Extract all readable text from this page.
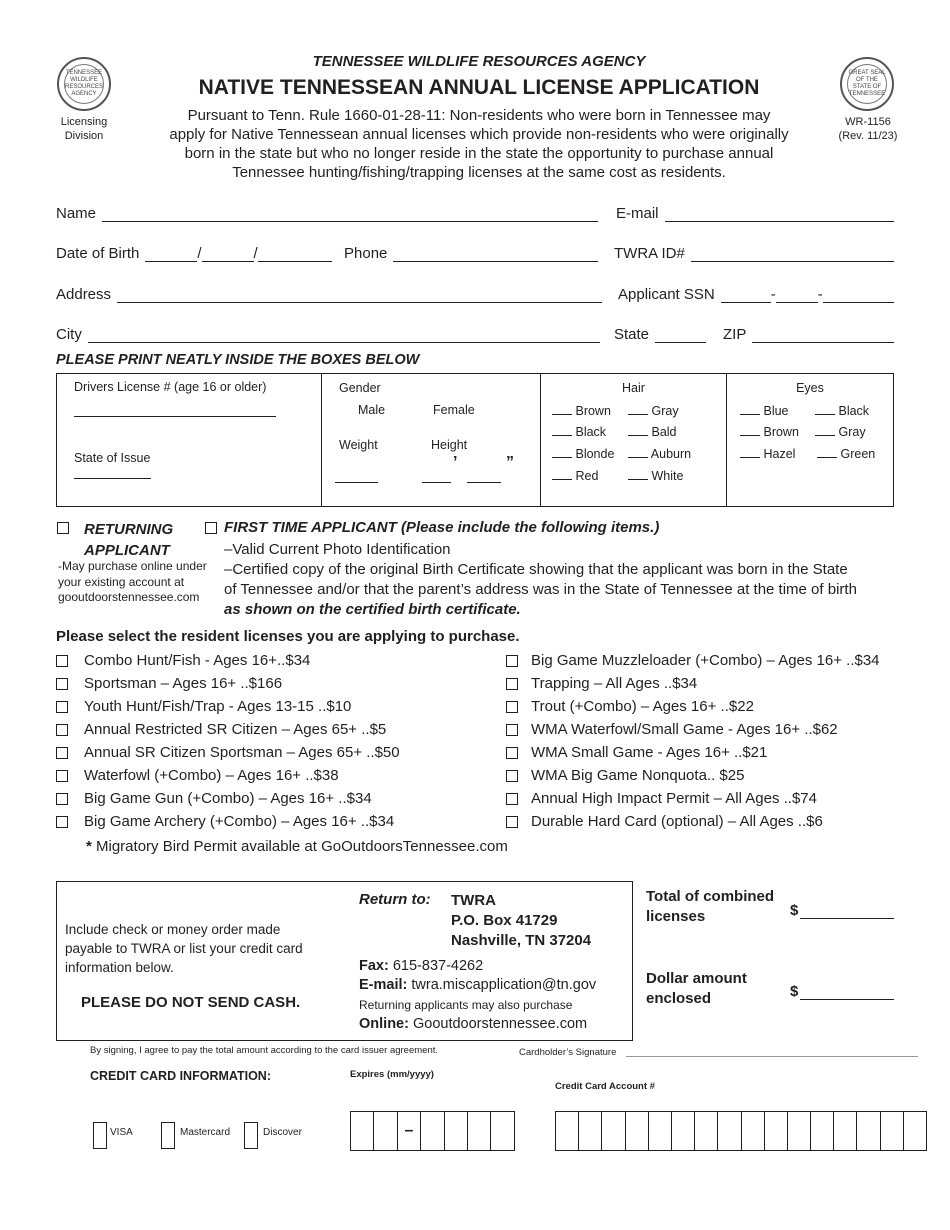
TENNESSEE WILDLIFE RESOURCES AGENCY
Licensing
Division
GREAT SEAL OF THE STATE OF TENNESSEE
WR-1156
(Rev. 11/23)
TENNESSEE WILDLIFE RESOURCES AGENCY
NATIVE TENNESSEAN ANNUAL LICENSE APPLICATION
Pursuant to Tenn. Rule 1660-01-28-11: Non-residents who were born in Tennessee may
apply for Native Tennessean annual licenses which provide non-residents who were originally
born in the state but who no longer reside in the state the opportunity to purchase annual
Tennessee hunting/fishing/trapping licenses at the same cost as residents.
Name	E-mail
Date of Birth	/	/	Phone	TWRA ID#
Address	Applicant SSN	-	-
City	State	ZIP
PLEASE PRINT NEATLY INSIDE THE BOXES BELOW
Drivers License # (age 16 or older)
State of Issue
Gender
Male	Female
Weight	Height
’	”
Hair
Brown	Gray
Black	Bald
Blonde	Auburn
Red	White
Eyes
Blue	Black
Brown	Gray
Hazel	Green
RETURNING
APPLICANT
-May purchase online under
your existing account at
gooutdoorstennessee.com
FIRST TIME APPLICANT (Please include the following items.)
–Valid Current Photo Identification
–Certified copy of the original Birth Certificate showing that the applicant was born in the State
of Tennessee and/or that the parent’s address was in the State of Tennessee at the time of birth
as shown on the certified birth certificate.
Please select the resident licenses you are applying to purchase.
Combo Hunt/Fish - Ages 16+..$34
Sportsman – Ages 16+ ..$166
Youth Hunt/Fish/Trap - Ages 13-15 ..$10
Annual Restricted SR Citizen – Ages 65+ ..$5
Annual SR Citizen Sportsman – Ages 65+ ..$50
Waterfowl (+Combo) – Ages 16+ ..$38
Big Game Gun (+Combo) – Ages 16+ ..$34
Big Game Archery (+Combo) – Ages 16+ ..$34
Big Game Muzzleloader (+Combo) – Ages 16+ ..$34
Trapping – All Ages ..$34
Trout (+Combo) – Ages 16+ ..$22
WMA Waterfowl/Small Game - Ages 16+ ..$62
WMA Small Game - Ages 16+ ..$21
WMA Big Game Nonquota.. $25
Annual High Impact Permit – All Ages ..$74
Durable Hard Card (optional) – All Ages ..$6
* Migratory Bird Permit available at GoOutdoorsTennessee.com
Include check or money order made
payable to TWRA or list your credit card
information below.
PLEASE DO NOT SEND CASH.
Return to: TWRA
P.O. Box 41729
Nashville, TN 37204
Fax: 615-837-4262
E-mail: twra.miscapplication@tn.gov
Returning applicants may also purchase
Online: Gooutdoorstennessee.com
Total of combined
licenses	$
Dollar amount
enclosed	$
By signing, I agree to pay the total amount according to the card issuer agreement.	Cardholder’s Signature
CREDIT CARD INFORMATION:	Expires (mm/yyyy)
Credit Card Account #
VISA	Mastercard	Discover	–
